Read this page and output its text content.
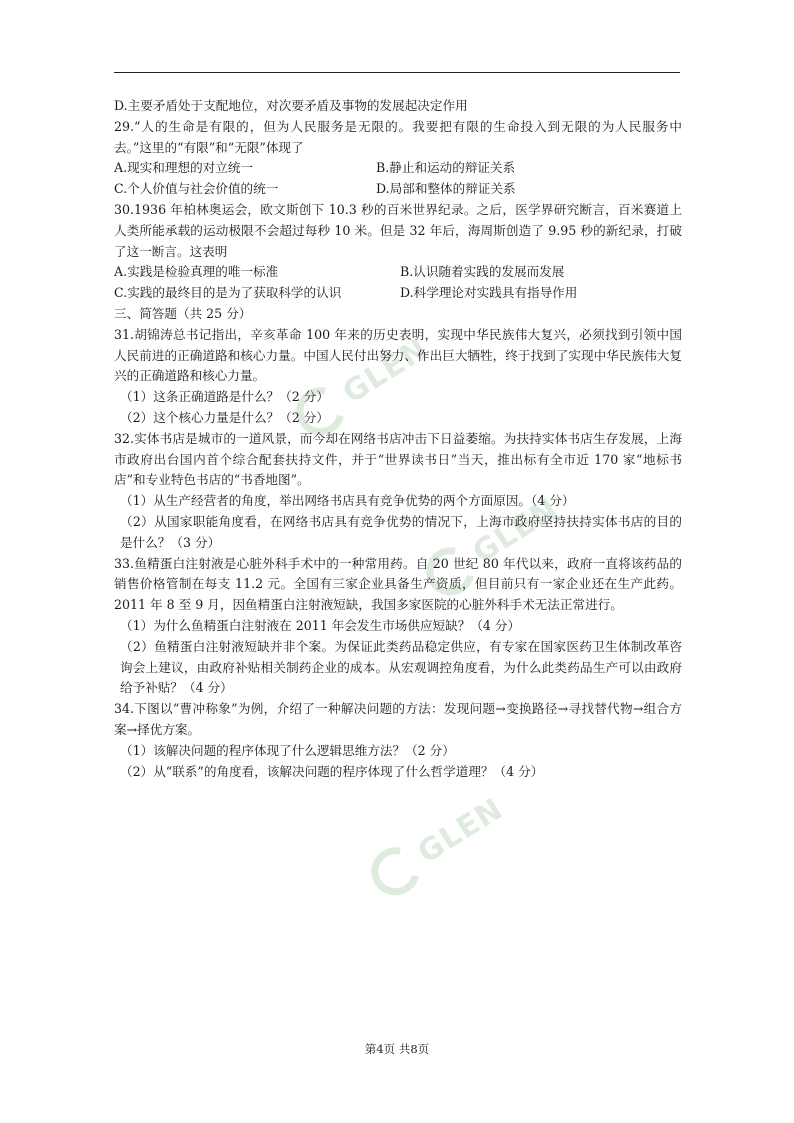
GLEN
GLEN
GLEN
D.主要矛盾处于支配地位，对次要矛盾及事物的发展起决定作用
29.“人的生命是有限的，但为人民服务是无限的。我要把有限的生命投入到无限的为人民服务中去。”这里的“有限”和“无限”体现了
A.现实和理想的对立统一	B.静止和运动的辩证关系
C.个人价值与社会价值的统一	D.局部和整体的辩证关系
30.1936 年柏林奥运会，欧文斯创下 10.3 秒的百米世界纪录。之后，医学界研究断言，百米赛道上人类所能承载的运动极限不会超过每秒 10 米。但是 32 年后，海周斯创造了 9.95 秒的新纪录，打破了这一断言。这表明
A.实践是检验真理的唯一标准	B.认识随着实践的发展而发展
C.实践的最终目的是为了获取科学的认识	D.科学理论对实践具有指导作用
三、简答题（共 25 分）
31.胡锦涛总书记指出，辛亥革命 100 年来的历史表明，实现中华民族伟大复兴，必须找到引领中国人民前进的正确道路和核心力量。中国人民付出努力、作出巨大牺牲，终于找到了实现中华民族伟大复兴的正确道路和核心力量。
（1）这条正确道路是什么？（2 分）
（2）这个核心力量是什么？（2 分）
32.实体书店是城市的一道风景，而今却在网络书店冲击下日益萎缩。为扶持实体书店生存发展，上海市政府出台国内首个综合配套扶持文件，并于“世界读书日”当天，推出标有全市近 170 家“地标书店”和专业特色书店的“书香地图”。
（1）从生产经营者的角度，举出网络书店具有竞争优势的两个方面原因。（4 分）
（2）从国家职能角度看，在网络书店具有竞争优势的情况下，上海市政府坚持扶持实体书店的目的是什么？（3 分）
33.鱼精蛋白注射液是心脏外科手术中的一种常用药。自 20 世纪 80 年代以来，政府一直将该药品的销售价格管制在每支 11.2 元。全国有三家企业具备生产资质，但目前只有一家企业还在生产此药。2011 年 8 至 9 月，因鱼精蛋白注射液短缺，我国多家医院的心脏外科手术无法正常进行。
（1）为什么鱼精蛋白注射液在 2011 年会发生市场供应短缺？（4 分）
（2）鱼精蛋白注射液短缺并非个案。为保证此类药品稳定供应，有专家在国家医药卫生体制改革咨询会上建议，由政府补贴相关制药企业的成本。从宏观调控角度看，为什么此类药品生产可以由政府给予补贴？（4 分）
34.下图以“曹冲称象”为例，介绍了一种解决问题的方法：发现问题→变换路径→寻找替代物→组合方案→择优方案。
（1）该解决问题的程序体现了什么逻辑思维方法？（2 分）
（2）从“联系”的角度看，该解决问题的程序体现了什么哲学道理？（4 分）
第4页 共8页
